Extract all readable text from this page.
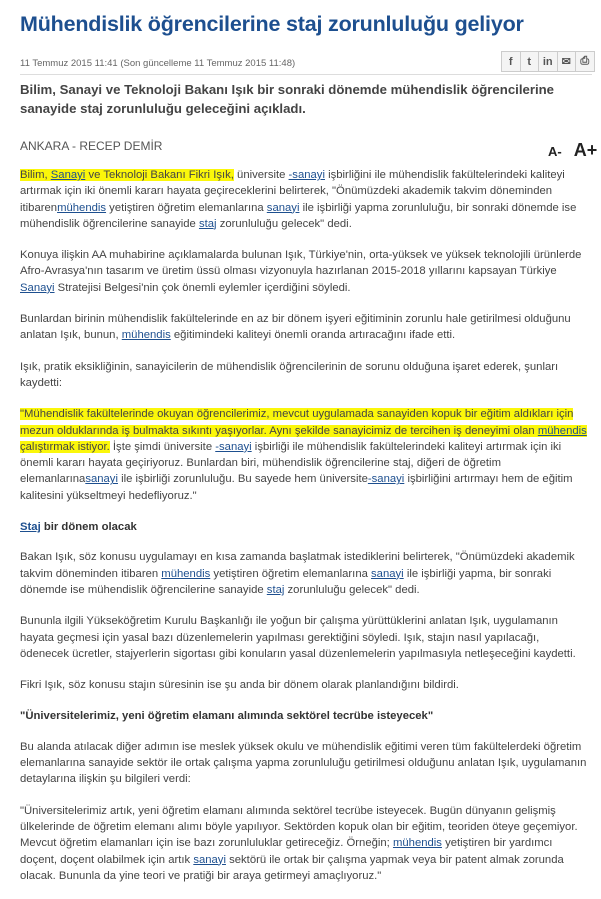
Mühendislik öğrencilerine staj zorunluluğu geliyor
11 Temmuz 2015 11:41 (Son güncelleme 11 Temmuz 2015 11:48)	f	t	in ✉ ⎙
Bilim, Sanayi ve Teknoloji Bakanı Işık bir sonraki dönemde mühendislik öğrencilerine sanayide staj zorunluluğu geleceğini açıkladı.
ANKARA - RECEP DEMİR	A- A+

Bilim, Sanayi ve Teknoloji Bakanı Fikri Işık, üniversite -sanayi işbirliğini ile mühendislik fakültelerindeki kaliteyi artırmak için iki önemli kararı hayata geçireceklerini belirterek, "Önümüzdeki akademik takvim döneminden itibarenmühendis yetiştiren öğretim elemanlarına sanayi ile işbirliği yapma zorunluluğu, bir sonraki dönemde ise mühendislik öğrencilerine sanayide staj zorunluluğu gelecek" dedi.

Konuya ilişkin AA muhabirine açıklamalarda bulunan Işık, Türkiye'nin, orta-yüksek ve yüksek teknolojili ürünlerde Afro-Avrasya'nın tasarım ve üretim üssü olması vizyonuyla hazırlanan 2015-2018 yıllarını kapsayan Türkiye Sanayi Stratejisi Belgesi'nin çok önemli eylemler içerdiğini söyledi.

Bunlardan birinin mühendislik fakültelerinde en az bir dönem işyeri eğitiminin zorunlu hale getirilmesi olduğunu anlatan Işık, bunun, mühendis eğitimindeki kaliteyi önemli oranda artıracağını ifade etti.

Işık, pratik eksikliğinin, sanayicilerin de mühendislik öğrencilerinin de sorunu olduğuna işaret ederek, şunları kaydetti:

"Mühendislik fakültelerinde okuyan öğrencilerimiz, mevcut uygulamada sanayiden kopuk bir eğitim aldıkları için mezun olduklarında iş bulmakta sıkıntı yaşıyorlar. Aynı şekilde sanayicimiz de tercihen iş deneyimi olan mühendis çalıştırmak istiyor. İşte şimdi üniversite -sanayi işbirliği ile mühendislik fakültelerindeki kaliteyi artırmak için iki önemli kararı hayata geçiriyoruz. Bunlardan biri, mühendislik öğrencilerine staj, diğeri de öğretim elemanlarınasanayi ile işbirliği zorunluluğu. Bu sayede hem üniversite-sanayi işbirliğini artırmayı hem de eğitim kalitesini yükseltmeyi hedefliyoruz."

Staj bir dönem olacak

Bakan Işık, söz konusu uygulamayı en kısa zamanda başlatmak istediklerini belirterek, "Önümüzdeki akademik takvim döneminden itibaren mühendis yetiştiren öğretim elemanlarına sanayi ile işbirliği yapma, bir sonraki dönemde ise mühendislik öğrencilerine sanayide staj zorunluluğu gelecek" dedi.

Bununla ilgili Yükseköğretim Kurulu Başkanlığı ile yoğun bir çalışma yürüttüklerini anlatan Işık, uygulamanın hayata geçmesi için yasal bazı düzenlemelerin yapılması gerektiğini söyledi. Işık, stajın nasıl yapılacağı, ödenecek ücretler, stajyerlerin sigortası gibi konuların yasal düzenlemelerin yapılmasıyla netleşeceğini kaydetti.

Fikri Işık, söz konusu stajın süresinin ise şu anda bir dönem olarak planlandığını bildirdi.

"Üniversitelerimiz, yeni öğretim elamanı alımında sektörel tecrübe isteyecek"

Bu alanda atılacak diğer adımın ise meslek yüksek okulu ve mühendislik eğitimi veren tüm fakültelerdeki öğretim elemanlarına sanayide sektör ile ortak çalışma yapma zorunluluğu getirilmesi olduğunu anlatan Işık, uygulamanın detaylarına ilişkin şu bilgileri verdi:

"Üniversitelerimiz artık, yeni öğretim elamanı alımında sektörel tecrübe isteyecek. Bugün dünyanın gelişmiş ülkelerinde de öğretim elemanı alımı böyle yapılıyor. Sektörden kopuk olan bir eğitim, teoriden öteye geçemiyor. Mevcut öğretim elamanları için ise bazı zorunluluklar getireceğiz. Örneğin; mühendis yetiştiren bir yardımcı doçent, doçent olabilmek için artık sanayi sektörü ile ortak bir çalışma yapmak veya bir patent almak zorunda olacak. Bununla da yine teori ve pratiği bir araya getirmeyi amaçlıyoruz."
